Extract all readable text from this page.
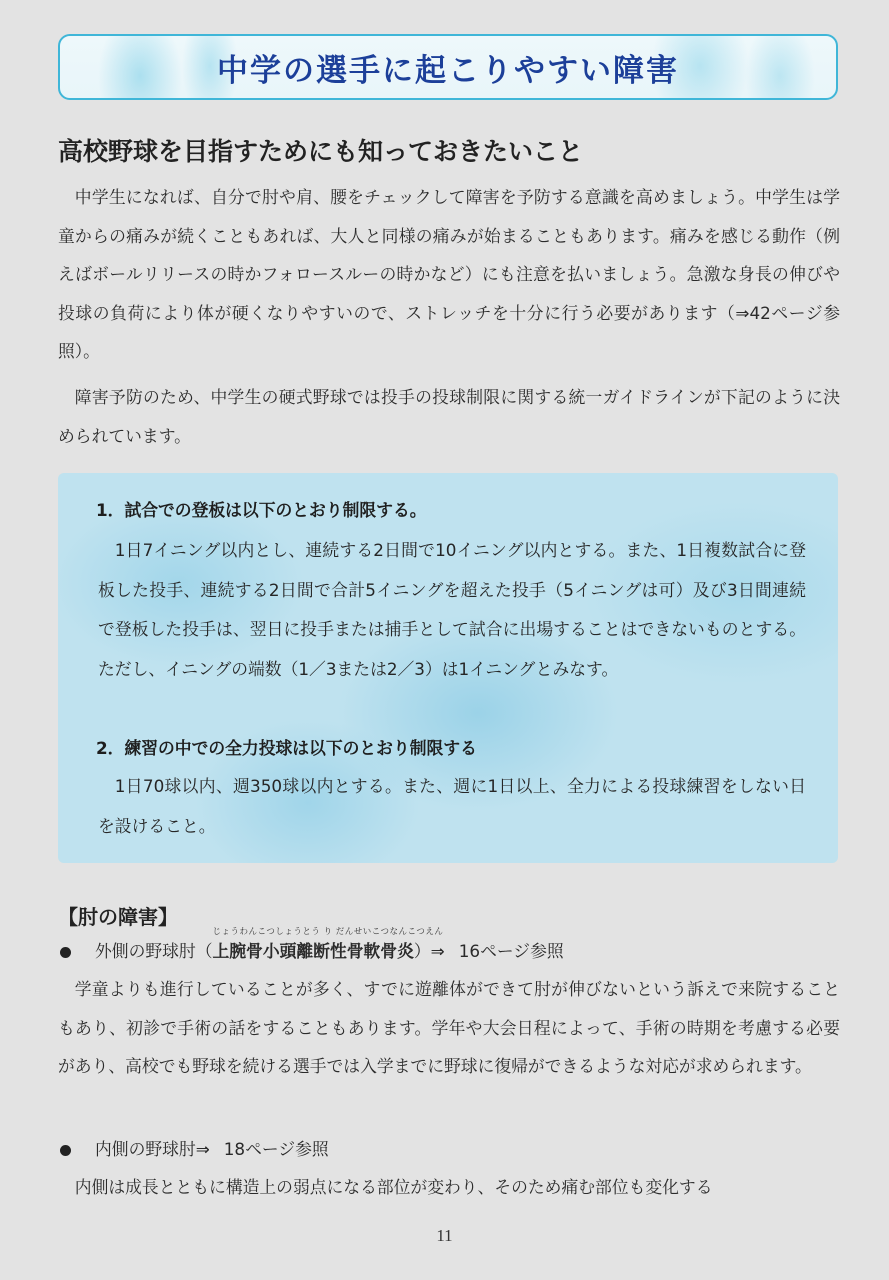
中学の選手に起こりやすい障害
高校野球を目指すためにも知っておきたいこと

中学生になれば、自分で肘や肩、腰をチェックして障害を予防する意識を高めましょう。中学生は学童からの痛みが続くこともあれば、大人と同様の痛みが始まることもあります。痛みを感じる動作（例えばボールリリースの時かフォロースルーの時かなど）にも注意を払いましょう。急激な身長の伸びや投球の負荷により体が硬くなりやすいので、ストレッチを十分に行う必要があります（⇒42ページ参照）。

障害予防のため、中学生の硬式野球では投手の投球制限に関する統一ガイドラインが下記のように決められています。

1．試合での登板は以下のとおり制限する。

1日7イニング以内とし、連続する2日間で10イニング以内とする。また、1日複数試合に登板した投手、連続する2日間で合計5イニングを超えた投手（5イニングは可）及び3日間連続で登板した投手は、翌日に投手または捕手として試合に出場することはできないものとする。ただし、イニングの端数（1／3または2／3）は1イニングとみなす。

2．練習の中での全力投球は以下のとおり制限する

1日70球以内、週350球以内とする。また、週に1日以上、全力による投球練習をしない日を設けること。

【肘の障害】
外側の野球肘（
じょうわんこつしょうとう り だんせいこつなんこつえん
上腕骨小頭離断性骨軟骨炎 ）⇒ 16ページ参照

学童よりも進行していることが多く、すでに遊離体ができて肘が伸びないという訴えで来院することもあり、初診で手術の話をすることもあります。学年や大会日程によって、手術の時期を考慮する必要があり、高校でも野球を続ける選手では入学までに野球に復帰ができるような対応が求められます。

内側の野球肘⇒ 18ページ参照

内側は成長とともに構造上の弱点になる部位が変わり、そのため痛む部位も変化する

11
